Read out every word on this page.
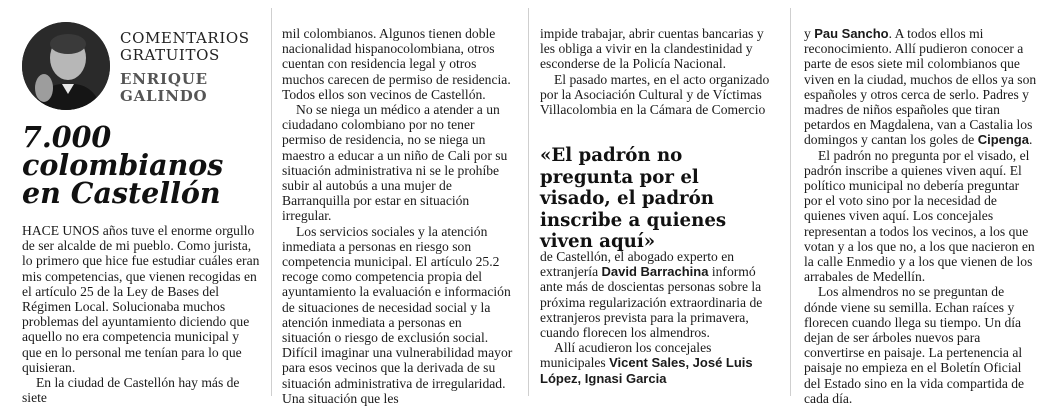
COMENTARIOS GRATUITOS
ENRIQUE GALINDO
7.000 colombianos en Castellón

HACE UNOS años tuve el enorme orgullo de ser alcalde de mi pueblo. Como jurista, lo primero que hice fue estudiar cuáles eran mis competencias, que vienen recogidas en el artículo 25 de la Ley de Bases del Régimen Local. Solucionaba muchos problemas del ayuntamiento diciendo que aquello no era competencia municipal y que en lo personal me tenían para lo que quisieran.

En la ciudad de Castellón hay más de siete

mil colombianos. Algunos tienen doble nacionalidad hispanocolombiana, otros cuentan con residencia legal y otros muchos carecen de permiso de residencia. Todos ellos son vecinos de Castellón.

No se niega un médico a atender a un ciudadano colombiano por no tener permiso de residencia, no se niega un maestro a educar a un niño de Cali por su situación administrativa ni se le prohíbe subir al autobús a una mujer de Barranquilla por estar en situación irregular.

Los servicios sociales y la atención inmediata a personas en riesgo son competencia municipal. El artículo 25.2 recoge como competencia propia del ayuntamiento la evaluación e información de situaciones de necesidad social y la atención inmediata a personas en situación o riesgo de exclusión social. Difícil imaginar una vulnerabilidad mayor para esos vecinos que la derivada de su situación administrativa de irregularidad. Una situación que les

impide trabajar, abrir cuentas bancarias y les obliga a vivir en la clandestinidad y esconderse de la Policía Nacional.

El pasado martes, en el acto organizado por la Asociación Cultural y de Víctimas Villacolombia en la Cámara de Comercio

«El padrón no pregunta por el visado, el padrón inscribe a quienes viven aquí»

de Castellón, el abogado experto en extranjería David Barrachina informó ante más de doscientas personas sobre la próxima regularización extraordinaria de extranjeros prevista para la primavera, cuando florecen los almendros.

Allí acudieron los concejales municipales Vicent Sales, José Luis López, Ignasi Garcia

y Pau Sancho. A todos ellos mi reconocimiento. Allí pudieron conocer a parte de esos siete mil colombianos que viven en la ciudad, muchos de ellos ya son españoles y otros cerca de serlo. Padres y madres de niños españoles que tiran petardos en Magdalena, van a Castalia los domingos y cantan los goles de Cipenga.

El padrón no pregunta por el visado, el padrón inscribe a quienes viven aquí. El político municipal no debería preguntar por el voto sino por la necesidad de quienes viven aquí. Los concejales representan a todos los vecinos, a los que votan y a los que no, a los que nacieron en la calle Enmedio y a los que vienen de los arrabales de Medellín.

Los almendros no se preguntan de dónde viene su semilla. Echan raíces y florecen cuando llega su tiempo. Un día dejan de ser árboles nuevos para convertirse en paisaje. La pertenencia al paisaje no empieza en el Boletín Oficial del Estado sino en la vida compartida de cada día.
